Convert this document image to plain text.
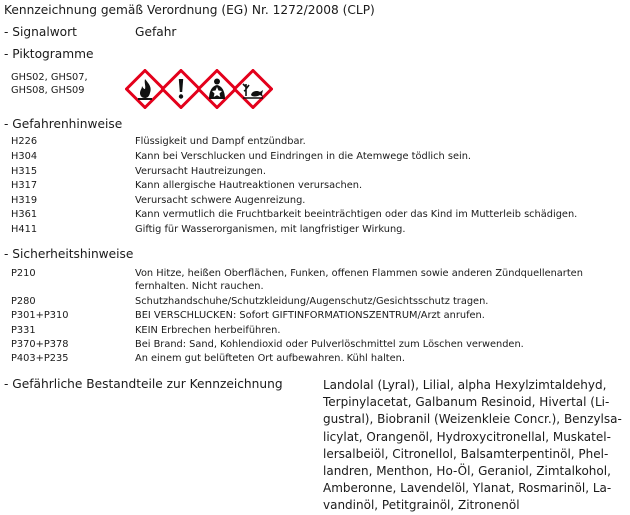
Kennzeichnung gemäß Verordnung (EG) Nr. 1272/2008 (CLP)
- Signalwort	Gefahr
- Piktogramme
GHS02, GHS07,
GHS08, GHS09
- Gefahrenhinweise
H226	Flüssigkeit und Dampf entzündbar.
H304	Kann bei Verschlucken und Eindringen in die Atemwege tödlich sein.
H315	Verursacht Hautreizungen.
H317	Kann allergische Hautreaktionen verursachen.
H319	Verursacht schwere Augenreizung.
H361	Kann vermutlich die Fruchtbarkeit beeinträchtigen oder das Kind im Mutterleib schädigen.
H411	Giftig für Wasserorganismen, mit langfristiger Wirkung.
- Sicherheitshinweise
P210	Von Hitze, heißen Oberflächen, Funken, offenen Flammen sowie anderen Zündquellenarten
fernhalten. Nicht rauchen.
P280	Schutzhandschuhe/Schutzkleidung/Augenschutz/Gesichtsschutz tragen.
P301+P310	BEI VERSCHLUCKEN: Sofort GIFTINFORMATIONSZENTRUM/Arzt anrufen.
P331	KEIN Erbrechen herbeiführen.
P370+P378	Bei Brand: Sand, Kohlendioxid oder Pulverlöschmittel zum Löschen verwenden.
P403+P235	An einem gut belüfteten Ort aufbewahren. Kühl halten.
- Gefährliche Bestandteile zur Kennzeichnung	Landolal (Lyral), Lilial, alpha Hexylzimtaldehyd,
Terpinylacetat, Galbanum Resinoid, Hivertal (Li-
gustral), Biobranil (Weizenkleie Concr.), Benzylsa-
licylat, Orangenöl, Hydroxycitronellal, Muskatel-
lersalbeiöl, Citronellol, Balsamterpentinöl, Phel-
landren, Menthon, Ho-Öl, Geraniol, Zimtalkohol,
Amberonne, Lavendelöl, Ylanat, Rosmarinöl, La-
vandinöl, Petitgrainöl, Zitronenöl
